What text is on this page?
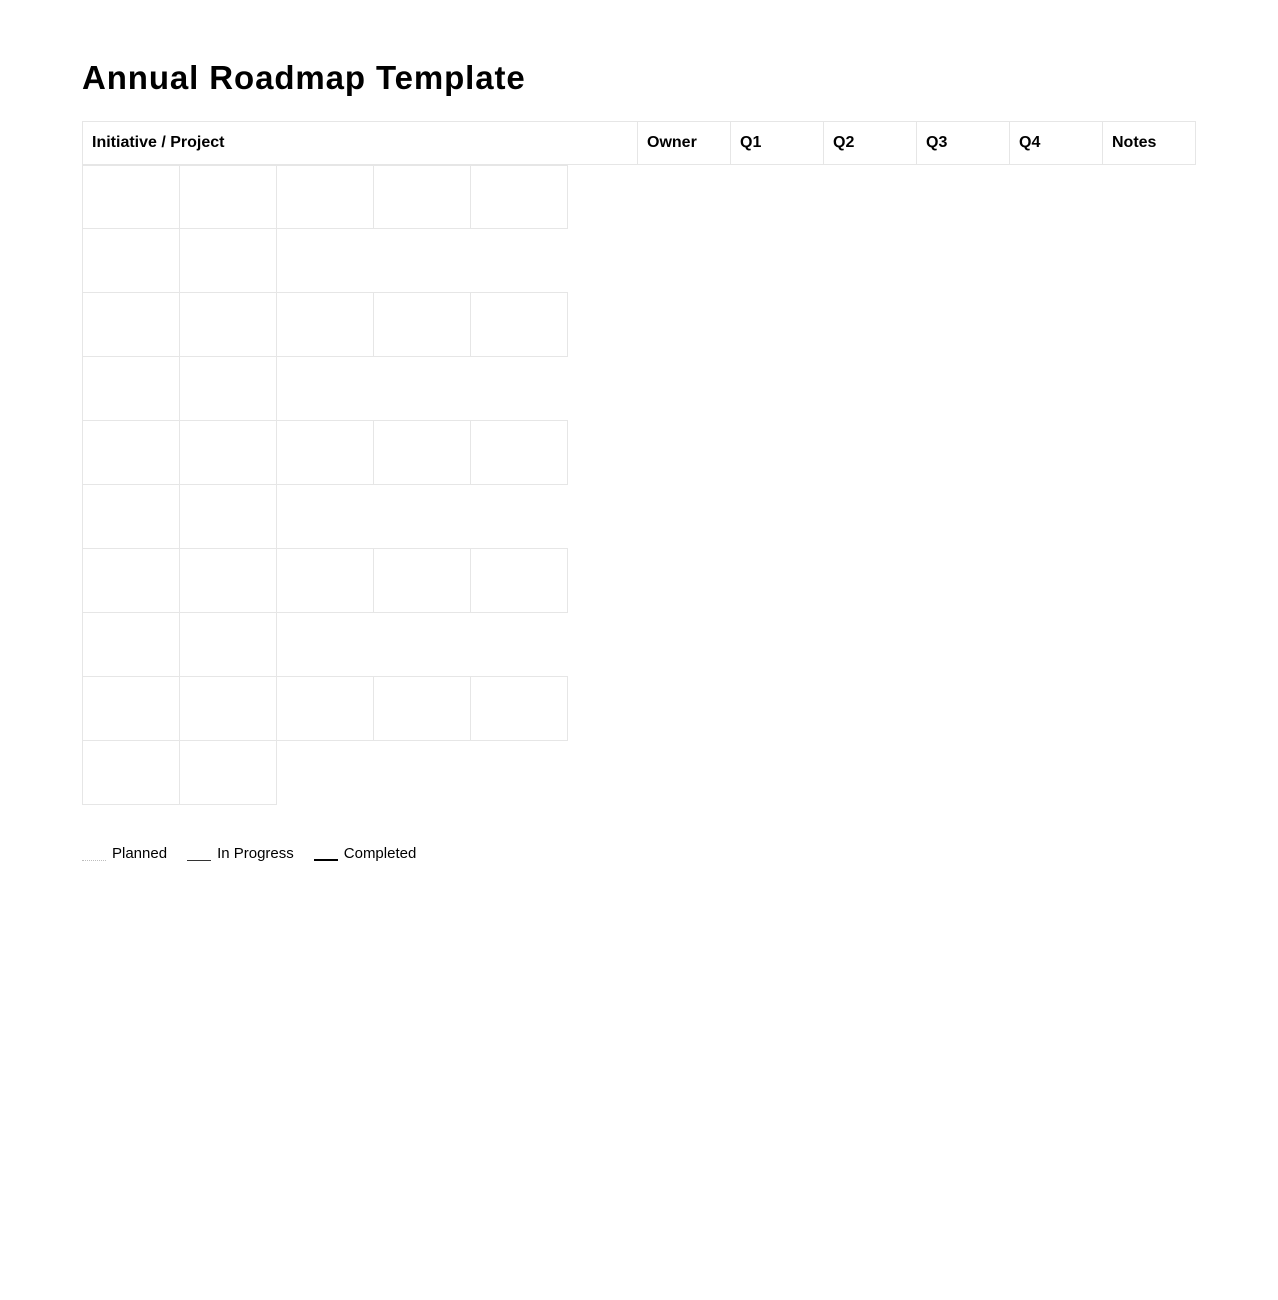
Annual Roadmap Template
Initiative / Project	Owner	Q1	Q2	Q3	Q4	Notes
Planned	In Progress	Completed
